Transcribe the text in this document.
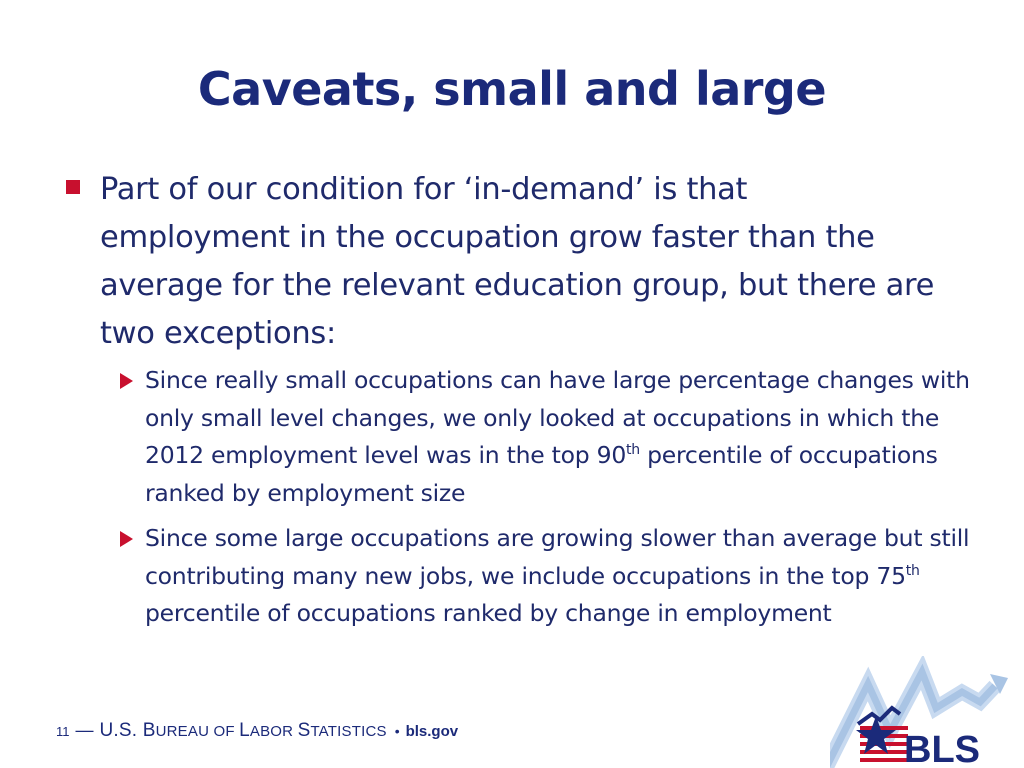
Caveats, small and large
Part of our condition for ‘in-demand’ is that employment in the occupation grow faster than the average for the relevant education group, but there are two exceptions:
Since really small occupations can have large percentage changes with only small level changes, we only looked at occupations in which the 2012 employment level was in the top 90th percentile of occupations ranked by employment size
Since some large occupations are growing slower than average but still contributing many new jobs, we include occupations in the top 75th percentile of occupations ranked by change in employment
11 — U.S. BUREAU OF LABOR STATISTICS • bls.gov	BLS
